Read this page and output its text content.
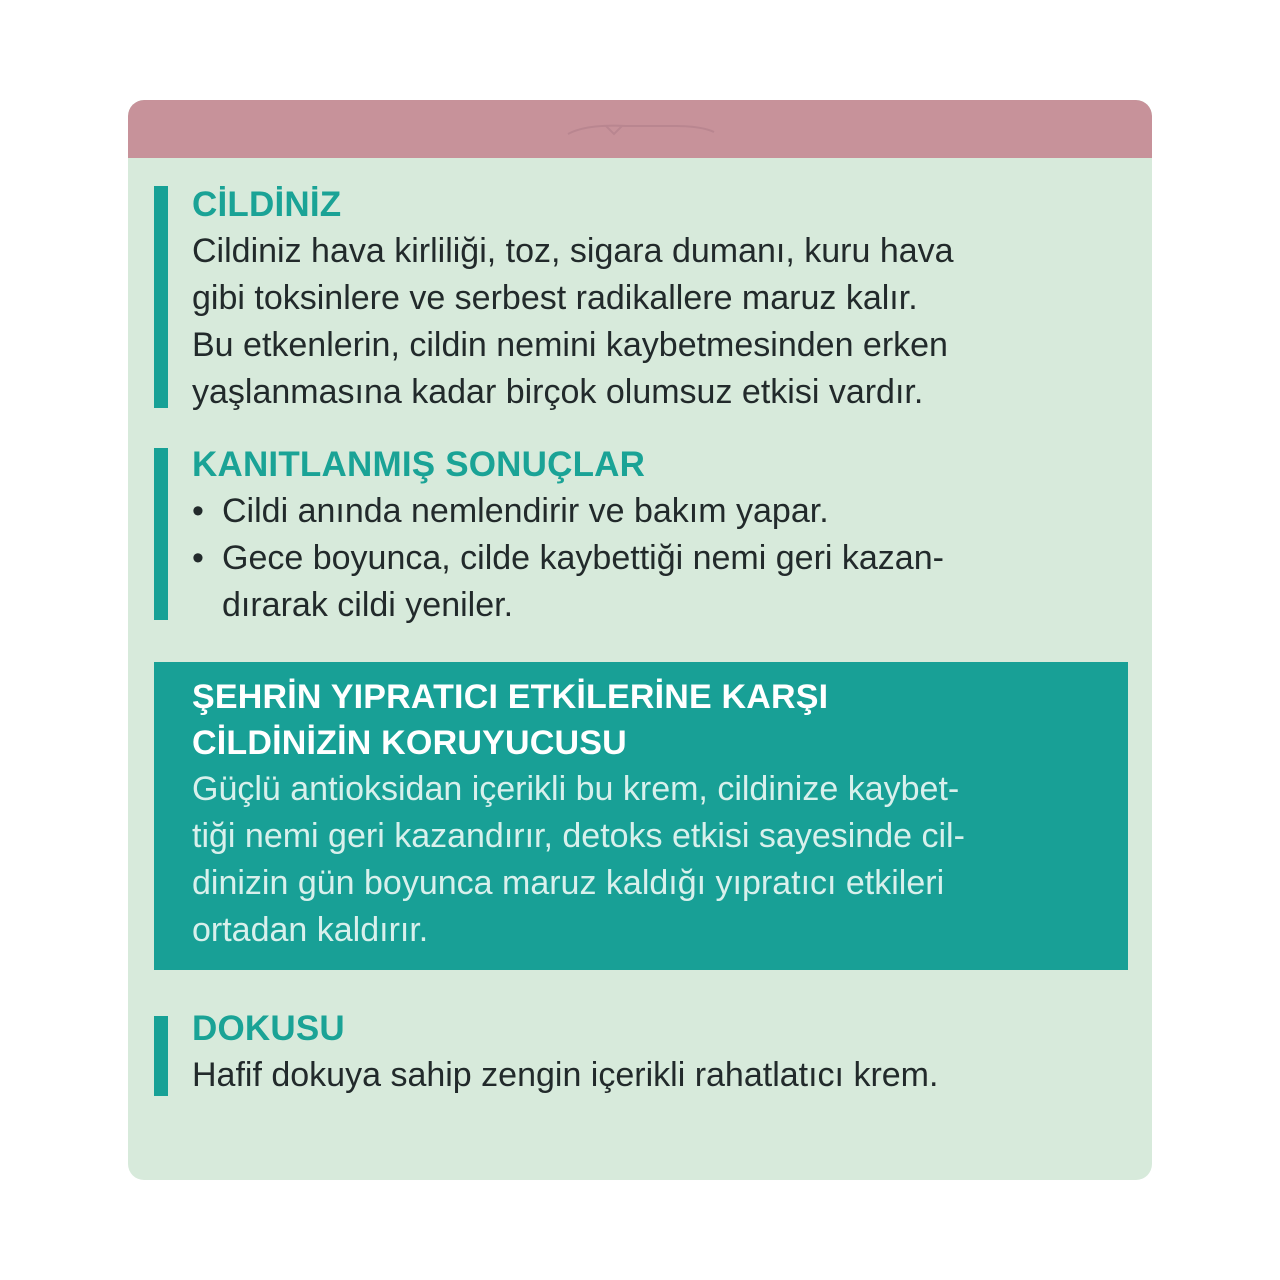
CİLDİNİZ

Cildiniz hava kirliliği, toz, sigara dumanı, kuru hava

gibi toksinlere ve serbest radikallere maruz kalır.

Bu etkenlerin, cildin nemini kaybetmesinden erken

yaşlanmasına kadar birçok olumsuz etkisi vardır.

KANITLANMIŞ SONUÇLAR
• Cildi anında nemlendirir ve bakım yapar.
• Gece boyunca, cilde kaybettiği nemi geri kazan-
dırarak cildi yeniler.
ŞEHRİN YIPRATICI ETKİLERİNE KARŞI
CİLDİNİZİN KORUYUCUSU

Güçlü antioksidan içerikli bu krem, cildinize kaybet-

tiği nemi geri kazandırır, detoks etkisi sayesinde cil-

dinizin gün boyunca maruz kaldığı yıpratıcı etkileri

ortadan kaldırır.

DOKUSU

Hafif dokuya sahip zengin içerikli rahatlatıcı krem.
